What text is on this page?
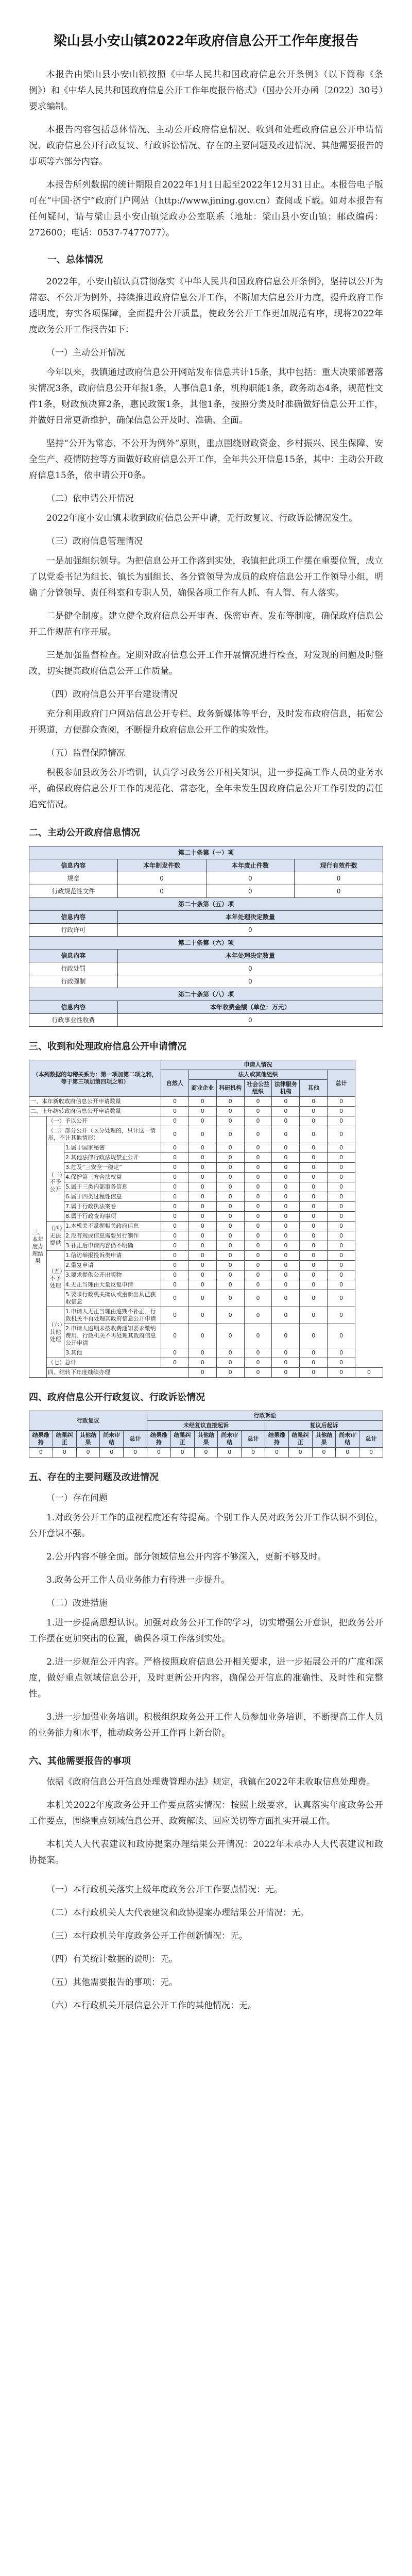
梁山县小安山镇2022年政府信息公开工作年度报告

本报告由梁山县小安山镇按照《中华人民共和国政府信息公开条例》（以下简称《条例》）和《中华人民共和国政府信息公开工作年度报告格式》（国办公开办函〔2022〕30号）要求编制。

本报告内容包括总体情况、主动公开政府信息情况、收到和处理政府信息公开申请情况、政府信息公开行政复议、行政诉讼情况、存在的主要问题及改进情况、其他需要报告的事项等六部分内容。

本报告所列数据的统计期限自2022年1月1日起至2022年12月31日止。本报告电子版可在“中国·济宁”政府门户网站（http://www.jining.gov.cn）查阅或下载。如对本报告有任何疑问，请与梁山县小安山镇党政办公室联系（地址：梁山县小安山镇；邮政编码：272600；电话：0537-7477077）。

一、总体情况

2022年，小安山镇认真贯彻落实《中华人民共和国政府信息公开条例》，坚持以公开为常态、不公开为例外，持续推进政府信息公开工作，不断加大信息公开力度，提升政府工作透明度，夯实各项保障，全面提升公开质量，使政务公开工作更加规范有序，现将2022年度政务公开工作报告如下：

（一）主动公开情况

今年以来，我镇通过政府信息公开网站发布信息共计15条，其中包括：重大决策部署落实情况3条，政府信息公开年报1条，人事信息1条，机构职能1条，政务动态4条，规范性文件1条，财政预决算2条，惠民政策1条，其他1条，按照分类及时准确做好信息公开工作，并做好日常更新维护，确保信息公开及时、准确、全面。

坚持“公开为常态、不公开为例外”原则，重点围绕财政资金、乡村振兴、民生保障、安全生产、疫情防控等方面做好政府信息公开工作，全年共公开信息15条，其中：主动公开政府信息15条，依申请公开0条。

（二）依申请公开情况

2022年度小安山镇未收到政府信息公开申请，无行政复议、行政诉讼情况发生。

（三）政府信息管理情况

一是加强组织领导。为把信息公开工作落到实处，我镇把此项工作摆在重要位置，成立了以党委书记为组长、镇长为副组长、各分管领导为成员的政府信息公开工作领导小组，明确了分管领导、责任科室和专职人员，确保各项工作有人抓、有人管、有人落实。

二是健全制度。建立健全政府信息公开审查、保密审查、发布等制度，确保政府信息公开工作规范有序开展。

三是加强监督检查。定期对政府信息公开工作开展情况进行检查，对发现的问题及时整改，切实提高政府信息公开工作质量。

（四）政府信息公开平台建设情况

充分利用政府门户网站信息公开专栏、政务新媒体等平台，及时发布政府信息，拓宽公开渠道，方便群众查阅，不断提升政府信息公开工作的实效性。

（五）监督保障情况

积极参加县政务公开培训，认真学习政务公开相关知识，进一步提高工作人员的业务水平，确保政府信息公开工作的规范化、常态化，全年未发生因政府信息公开工作引发的责任追究情况。

二、主动公开政府信息情况
第二十条第（一）项			
信息内容	本年制发件数	本年废止件数	现行有效件数
规章	0	0	0
行政规范性文件	0	0	0
第二十条第（五）项			
信息内容	本年处理决定数量		
行政许可	0		
第二十条第（六）项			
信息内容	本年处理决定数量		
行政处罚	0		
行政强制	0		
第二十条第（八）项			
信息内容	本年收费金额（单位：万元）		
行政事业性收费	0		
三、收到和处理政府信息公开申请情况
（本列数据的勾稽关系为：第一项加第二项之和，等于第三项加第四项之和）			申请人情况							
			自然人	法人或其他组织					总计	
				商业企业	科研机构	社会公益组织	法律服务机构	其他		
一、本年新收政府信息公开申请数量			0	0	0	0	0	0	0	
二、上年结转政府信息公开申请数量			0	0	0	0	0	0	0	
三、本年度办理结果	（一）予以公开		0	0	0	0	0	0	0	
	（二）部分公开（区分处理的，只计这一情形，不计其他情形）		0	0	0	0	0	0	0	
	（三）不予公开	1.属于国家秘密	0	0	0	0	0	0	0	
		2.其他法律行政法规禁止公开	0	0	0	0	0	0	0	
		3.危及“三安全一稳定”	0	0	0	0	0	0	0	
		4.保护第三方合法权益	0	0	0	0	0	0	0	
		5.属于三类内部事务信息	0	0	0	0	0	0	0	
		6.属于四类过程性信息	0	0	0	0	0	0	0	
		7.属于行政执法案卷	0	0	0	0	0	0	0	
		8.属于行政查询事项	0	0	0	0	0	0	0	
	（四）无法提供	1.本机关不掌握相关政府信息	0	0	0	0	0	0	0	
		2.没有现成信息需要另行制作	0	0	0	0	0	0	0	
		3.补正后申请内容仍不明确	0	0	0	0	0	0	0	
	（五）不予处理	1.信访举报投诉类申请	0	0	0	0	0	0	0	
		2.重复申请	0	0	0	0	0	0	0	
		3.要求提供公开出版物	0	0	0	0	0	0	0	
		4.无正当理由大量反复申请	0	0	0	0	0	0	0	
		5.要求行政机关确认或重新出具已获取信息	0	0	0	0	0	0	0	
	（六）其他处理	1.申请人无正当理由逾期不补正、行政机关不再处理其政府信息公开申请	0	0	0	0	0	0	0	
		2.申请人逾期未按收费通知要求缴纳费用、行政机关不再处理其政府信息公开申请	0	0	0	0	0	0	0	
		3.其他	0	0	0	0	0	0	0	
	（七）总计		0	0	0	0	0	0	0	
	四、结转下年度继续办理			0	0	0	0	0	0	0
四、政府信息公开行政复议、行政诉讼情况
行政复议					行政诉讼									
					未经复议直接起诉					复议后起诉				
结果维持	结果纠正	其他结果	尚未审结	总计	结果维持	结果纠正	其他结果	尚未审结	总计	结果维持	结果纠正	其他结果	尚未审结	总计
0	0	0	0	0	0	0	0	0	0	0	0	0	0	0
五、存在的主要问题及改进情况
（一）存在问题

1.对政务公开工作的重视程度还有待提高。个别工作人员对政务公开工作认识不到位，公开意识不强。

2.公开内容不够全面。部分领域信息公开内容不够深入，更新不够及时。

3.政务公开工作人员业务能力有待进一步提升。

（二）改进措施

1.进一步提高思想认识。加强对政务公开工作的学习，切实增强公开意识，把政务公开工作摆在更加突出的位置，确保各项工作落到实处。

2.进一步规范公开内容。严格按照政府信息公开相关要求，进一步拓展公开的广度和深度，做好重点领域信息公开，及时更新公开内容，确保公开信息的准确性、及时性和完整性。

3.进一步加强业务培训。积极组织政务公开工作人员参加业务培训，不断提高工作人员的业务能力和水平，推动政务公开工作再上新台阶。

六、其他需要报告的事项

依据《政府信息公开信息处理费管理办法》规定，我镇在2022年未收取信息处理费。

本机关2022年度政务公开工作要点落实情况：按照上级要求，认真落实年度政务公开工作要点，围绕重点领域信息公开、政策解读、回应关切等方面扎实开展工作。

本机关人大代表建议和政协提案办理结果公开情况：2022年未承办人大代表建议和政协提案。

（一）本行政机关落实上级年度政务公开工作要点情况：无。

（二）本行政机关人大代表建议和政协提案办理结果公开情况：无。

（三）本行政机关年度政务公开工作创新情况：无。

（四）有关统计数据的说明：无。

（五）其他需要报告的事项：无。

（六）本行政机关开展信息公开工作的其他情况：无。
